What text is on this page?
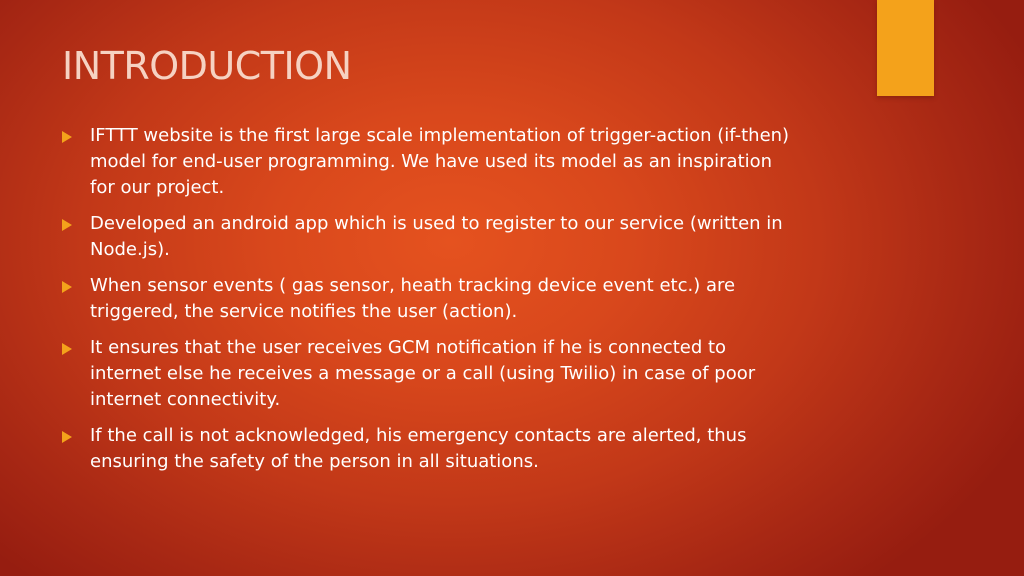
INTRODUCTION
IFTTT website is the first large scale implementation of trigger-action (if-then) model for end-user programming. We have used its model as an inspiration for our project.
Developed an android app which is used to register to our service (written in Node.js).
When sensor events ( gas sensor, heath tracking device event etc.) are triggered, the service notifies the user (action).
It ensures that the user receives GCM notification if he is connected to internet else he receives a message or a call (using Twilio) in case of poor internet connectivity.
If the call is not acknowledged, his emergency contacts are alerted, thus ensuring the safety of the person in all situations.
